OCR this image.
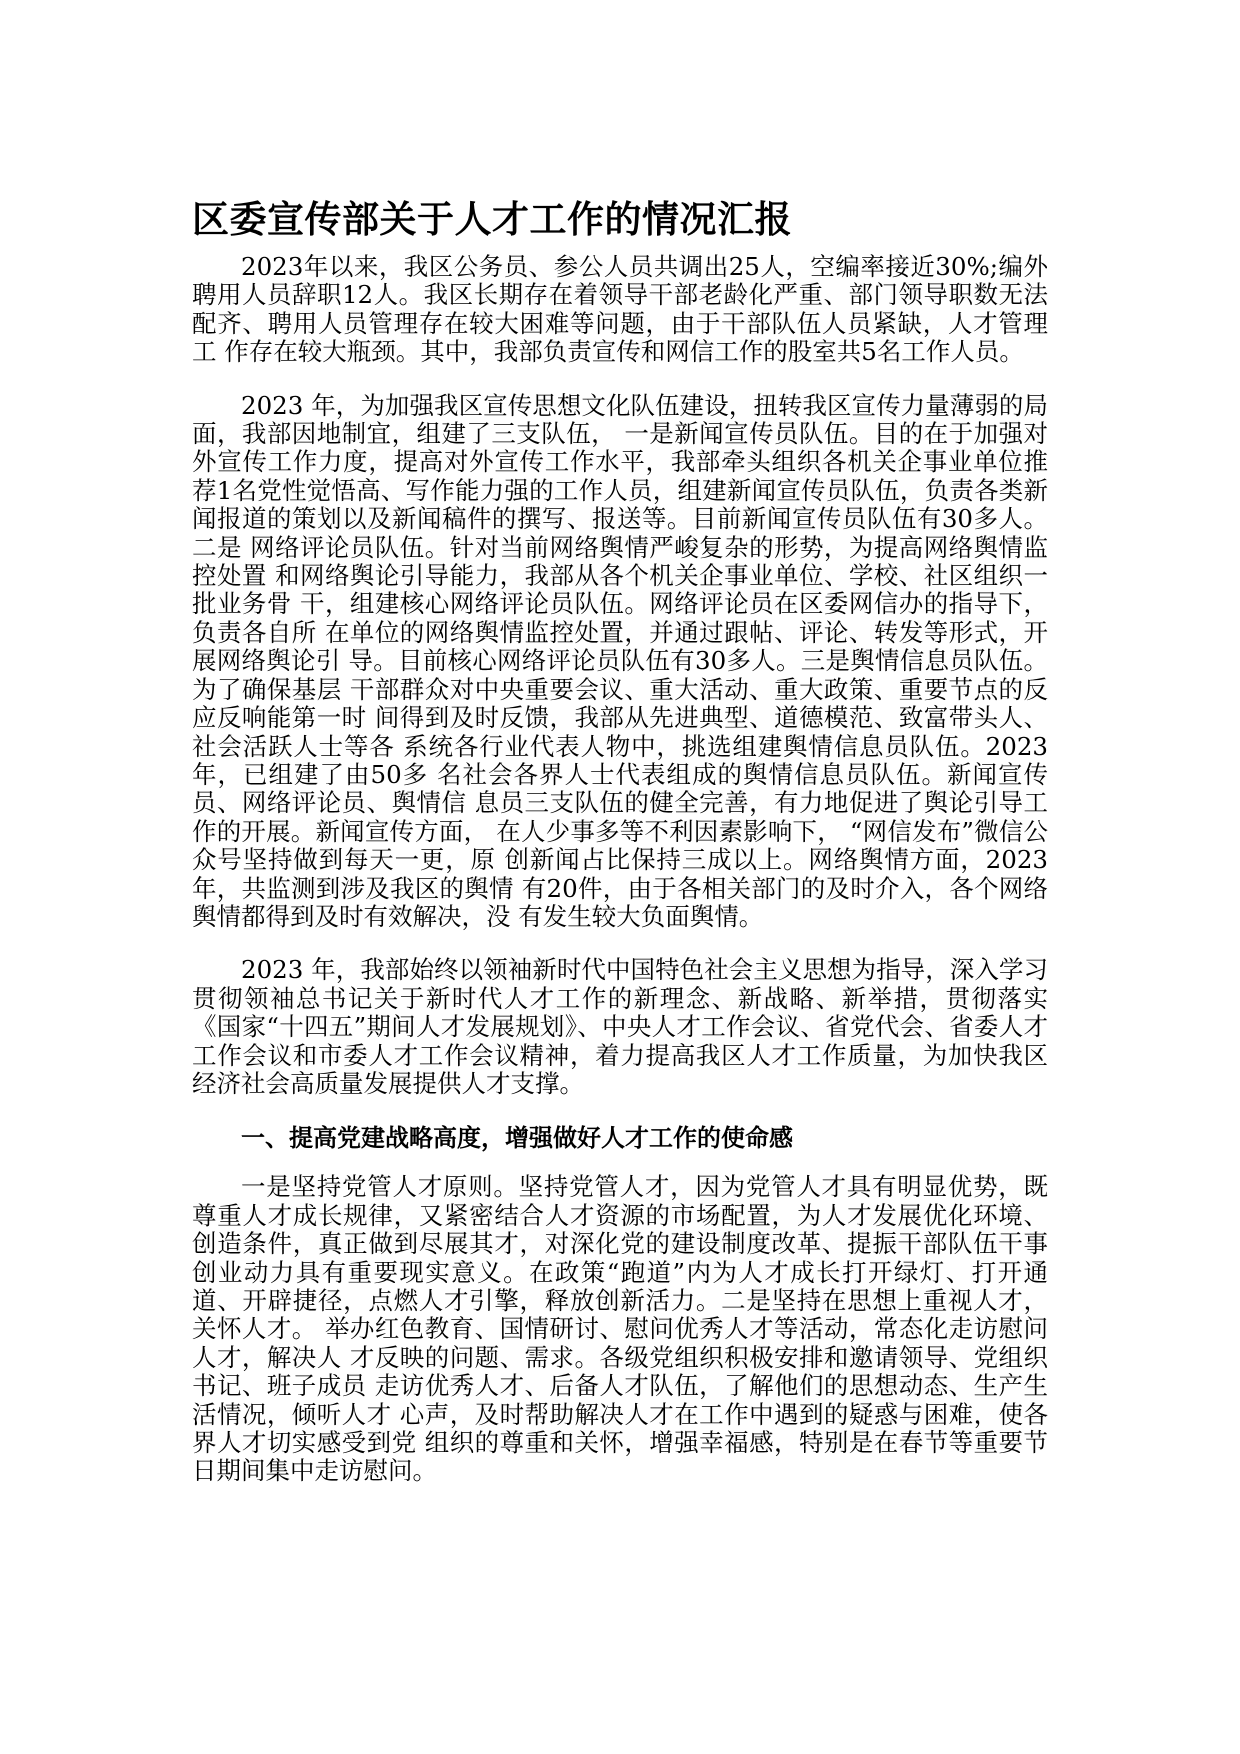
区委宣传部关于人才工作的情况汇报

2023年以来，我区公务员、参公人员共调出25人，空编率接近30%;编外 聘用人员辞职12人。我区长期存在着领导干部老龄化严重、部门领导职数无法 配齐、聘用人员管理存在较大困难等问题，由于干部队伍人员紧缺，人才管理工 作存在较大瓶颈。其中，我部负责宣传和网信工作的股室共5名工作人员。

2023 年，为加强我区宣传思想文化队伍建设，扭转我区宣传力量薄弱的局面，我部因地制宜，组建了三支队伍， 一是新闻宣传员队伍。目的在于加强对外宣传工作力度，提高对外宣传工作水平，我部牵头组织各机关企事业单位推荐1名党性觉悟高、写作能力强的工作人员，组建新闻宣传员队伍，负责各类新闻报道的策划以及新闻稿件的撰写、报送等。目前新闻宣传员队伍有30多人。二是 网络评论员队伍。针对当前网络舆情严峻复杂的形势，为提高网络舆情监控处置 和网络舆论引导能力，我部从各个机关企事业单位、学校、社区组织一批业务骨 干，组建核心网络评论员队伍。网络评论员在区委网信办的指导下，负责各自所 在单位的网络舆情监控处置，并通过跟帖、评论、转发等形式，开展网络舆论引 导。目前核心网络评论员队伍有30多人。三是舆情信息员队伍。为了确保基层 干部群众对中央重要会议、重大活动、重大政策、重要节点的反应反响能第一时 间得到及时反馈，我部从先进典型、道德模范、致富带头人、社会活跃人士等各 系统各行业代表人物中，挑选组建舆情信息员队伍。2023年，已组建了由50多 名社会各界人士代表组成的舆情信息员队伍。新闻宣传员、网络评论员、舆情信 息员三支队伍的健全完善，有力地促进了舆论引导工作的开展。新闻宣传方面， 在人少事多等不利因素影响下， “网信发布”微信公众号坚持做到每天一更，原 创新闻占比保持三成以上。网络舆情方面，2023年，共监测到涉及我区的舆情 有20件，由于各相关部门的及时介入，各个网络舆情都得到及时有效解决，没 有发生较大负面舆情。

2023 年，我部始终以领袖新时代中国特色社会主义思想为指导，深入学习贯彻领袖总书记关于新时代人才工作的新理念、新战略、新举措，贯彻落实《国家“十四五”期间人才发展规划》、中央人才工作会议、省党代会、省委人才工作会议和市委人才工作会议精神，着力提高我区人才工作质量，为加快我区经济社会高质量发展提供人才支撑。

一、提高党建战略高度，增强做好人才工作的使命感

一是坚持党管人才原则。坚持党管人才，因为党管人才具有明显优势，既尊重人才成长规律，又紧密结合人才资源的市场配置，为人才发展优化环境、创造条件，真正做到尽展其才，对深化党的建设制度改革、提振干部队伍干事创业动力具有重要现实意义。在政策“跑道”内为人才成长打开绿灯、打开通道、开辟捷径，点燃人才引擎，释放创新活力。二是坚持在思想上重视人才，关怀人才。 举办红色教育、国情研讨、慰问优秀人才等活动，常态化走访慰问人才，解决人 才反映的问题、需求。各级党组织积极安排和邀请领导、党组织书记、班子成员 走访优秀人才、后备人才队伍，了解他们的思想动态、生产生活情况，倾听人才 心声，及时帮助解决人才在工作中遇到的疑惑与困难，使各界人才切实感受到党 组织的尊重和关怀，增强幸福感，特别是在春节等重要节日期间集中走访慰问。
